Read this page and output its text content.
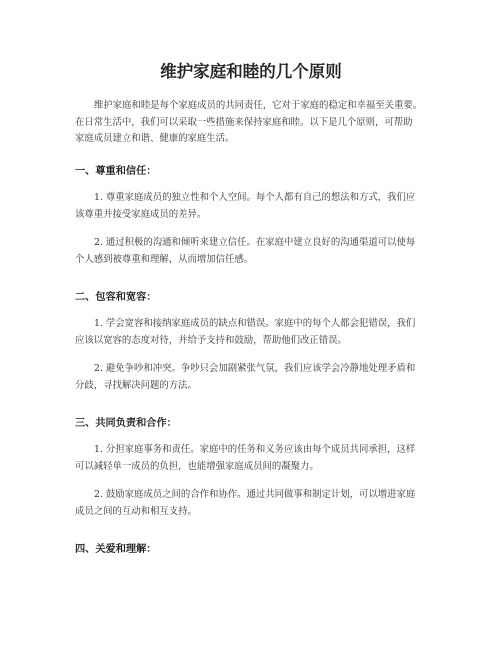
维护家庭和睦的几个原则

维护家庭和睦是每个家庭成员的共同责任，它对于家庭的稳定和幸福至关重要。
在日常生活中，我们可以采取一些措施来保持家庭和睦。以下是几个原则，可帮助
家庭成员建立和谐、健康的家庭生活。

一、尊重和信任：

1. 尊重家庭成员的独立性和个人空间。每个人都有自己的想法和方式，我们应
该尊重并接受家庭成员的差异。

2. 通过积极的沟通和倾听来建立信任。在家庭中建立良好的沟通渠道可以使每
个人感到被尊重和理解，从而增加信任感。

二、包容和宽容：

1. 学会宽容和接纳家庭成员的缺点和错误。家庭中的每个人都会犯错误，我们
应该以宽容的态度对待，并给予支持和鼓励，帮助他们改正错误。

2. 避免争吵和冲突。争吵只会加剧紧张气氛，我们应该学会冷静地处理矛盾和
分歧，寻找解决问题的方法。

三、共同负责和合作：

1. 分担家庭事务和责任。家庭中的任务和义务应该由每个成员共同承担，这样
可以减轻单一成员的负担，也能增强家庭成员间的凝聚力。

2. 鼓励家庭成员之间的合作和协作。通过共同做事和制定计划，可以增进家庭
成员之间的互动和相互支持。

四、关爱和理解：
